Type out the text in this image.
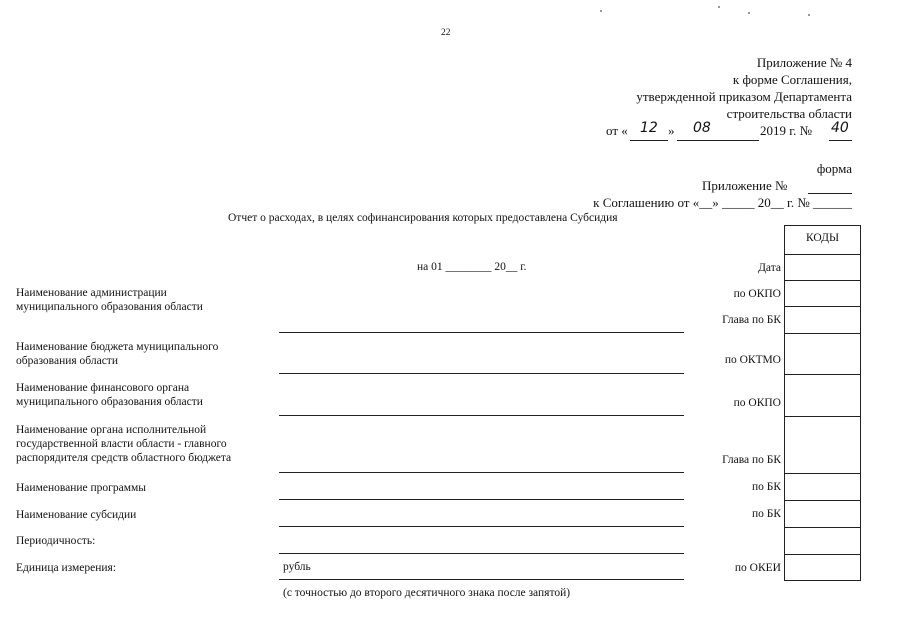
22
Приложение № 4
к форме Соглашения,
утвержденной приказом Департамента
строительства области
от « 12 » 08	2019 г. № 40
форма
Приложение №
к Соглашению от «__» _____ 20__ г. № ______
Отчет о расходах, в целях софинансирования которых предоставлена Субсидия
на 01 ________ 20__ г.
КОДЫ
Дата
по ОКПО
Глава по БК
по ОКТМО
по ОКПО
Глава по БК
по БК
по БК
по ОКЕИ
Наименование администрации
муниципального образования области
Наименование бюджета муниципального
образования области
Наименование финансового органа
муниципального образования области
Наименование органа исполнительной
государственной власти области - главного
распорядителя средств областного бюджета
Наименование программы
Наименование субсидии
Периодичность:
Единица измерения:	рубль
(с точностью до второго десятичного знака после запятой)
